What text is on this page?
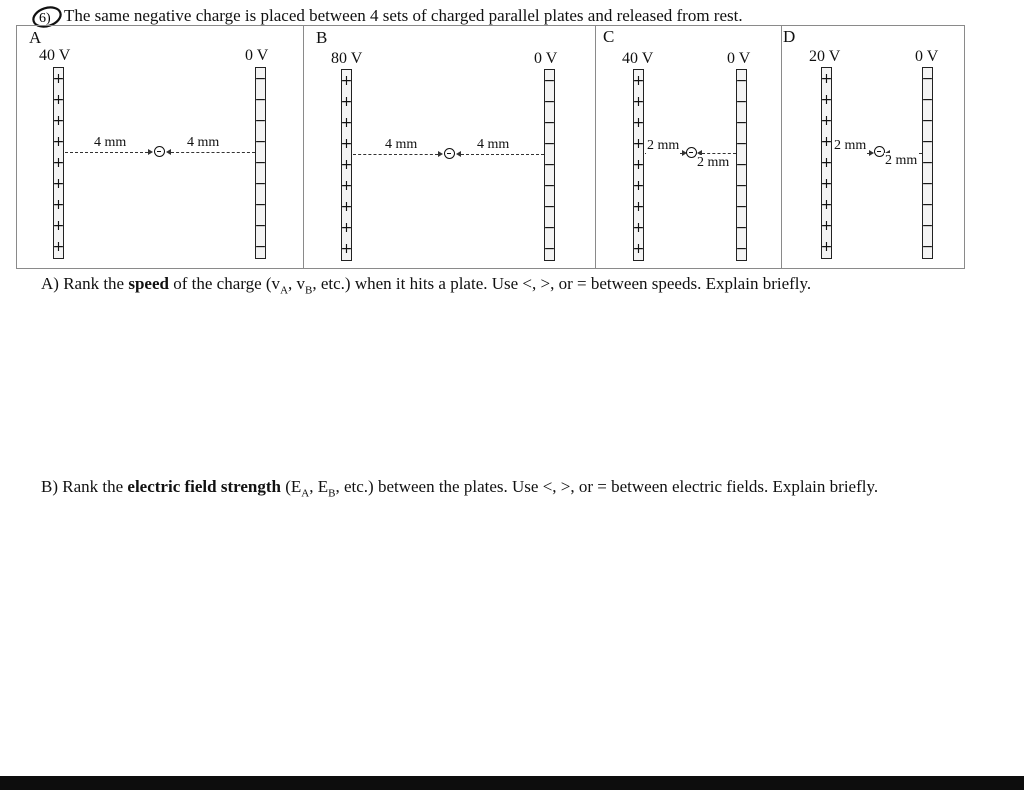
6) The same negative charge is placed between 4 sets of charged parallel plates and released from rest.
A
40 V	0 V
+
+
+
+
+
+
+
+
+
−
−
−
−
−
−
−
−
−
4 mm	4 mm
B
80 V	0 V
+
+
+
+
+
+
+
+
+
−
−
−
−
−
−
−
−
−
4 mm	4 mm
C
40 V	0 V
+
+
+
+
+
+
+
+
+
−
−
−
−
−
−
−
−
−
2 mm
2 mm
D
20 V	0 V
+
+
+
+
+
+
+
+
+
−
−
−
−
−
−
−
−
−
2 mm
2 mm
A) Rank the speed of the charge ($v_A$, $v_B$, etc.) when it hits a plate. Use <, >, or = between speeds. Explain briefly.
B) Rank the electric field strength ($E_A$, $E_B$, etc.) between the plates. Use <, >, or = between electric fields. Explain briefly.
